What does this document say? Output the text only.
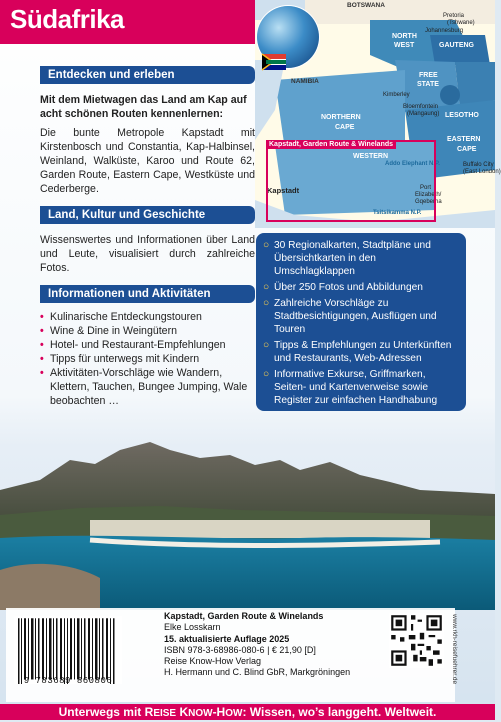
Südafrika	BOTSWANA
Pretoria
(Tshwane)
Johannesburg
NORTH
WEST	GAUTENG
NAMIBIA
FREE
STATE
Kimberley
Bloemfontein
(Mangaung) LESOTHO
NORTHERN
CAPE
EASTERN
WESTERN
CAPE
Addo Elephant N.P.	Buffalo City
(East London)
Kapstadt	Port
Elizabeth/
Gqeberha
Tsitsikamma N.P.
Kapstadt, Garden Route & Winelands
Entdecken und erleben

Mit dem Mietwagen das Land am Kap auf acht schönen Routen kennenlernen:

Die bunte Metropole Kapstadt mit Kirstenbosch und Constantia, Kap-Halbinsel, Weinland, Walküste, Karoo und Route 62, Garden Route, Eastern Cape, Westküste und Cederberge.

Land, Kultur und Geschichte

Wissenswertes und Informationen über Land und Leute, visualisiert durch zahlreiche Fotos.

Informationen und Aktivitäten
• Kulinarische Entdeckungstouren
• Wine & Dine in Weingütern
• Hotel- und Restaurant-Empfehlungen
• Tipps für unterwegs mit Kindern
• Aktivitäten-Vorschläge wie Wandern, Klettern, Tauchen, Bungee Jumping, Wale beobachten …
○ 30 Regionalkarten, Stadtpläne und Übersichtkarten in den Umschlagklappen
○ Über 250 Fotos und Abbildungen
○ Zahlreiche Vorschläge zu Stadtbesichtigungen, Ausflügen und Touren
○ Tipps & Empfehlungen zu Unterkünften und Restaurants, Web-Adressen
○ Informative Exkurse, Griffmarken, Seiten- und Kartenverweise sowie Register zur einfachen Handhabung
9 783689 860806
Kapstadt, Garden Route & Winelands
Elke Losskarn
15. aktualisierte Auflage 2025
ISBN 978-3-68986-080-6 | € 21,90 [D]
Reise Know-How Verlag
H. Hermann und C. Blind GbR, Markgröningen	www.rkh-reisefuehrer.de
Unterwegs mit REISE KNOW-HOW: Wissen, wo’s langgeht. Weltweit.
